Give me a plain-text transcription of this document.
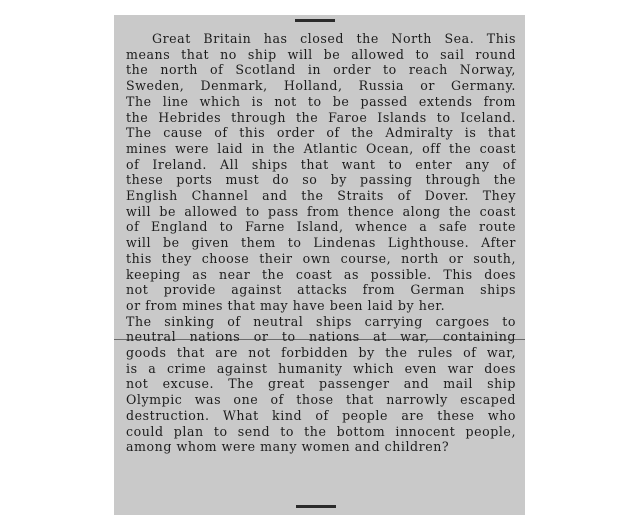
Great Britain has closed the North Sea. This
means that no ship will be allowed to sail round
the north of Scotland in order to reach Norway,
Sweden, Denmark, Holland, Russia or Germany.
The line which is not to be passed extends from
the Hebrides through the Faroe Islands to Iceland.
The cause of this order of the Admiralty is that
mines were laid in the Atlantic Ocean, off the coast
of Ireland. All ships that want to enter any of
these ports must do so by passing through the
English Channel and the Straits of Dover. They
will be allowed to pass from thence along the coast
of England to Farne Island, whence a safe route
will be given them to Lindenas Lighthouse. After
this they choose their own course, north or south,
keeping as near the coast as possible. This does
not provide against attacks from German ships
or from mines that may have been laid by her.
The sinking of neutral ships carrying cargoes to
neutral nations or to nations at war, containing
goods that are not forbidden by the rules of war,
is a crime against humanity which even war does
not excuse. The great passenger and mail ship
Olympic was one of those that narrowly escaped
destruction. What kind of people are these who
could plan to send to the bottom innocent people,
among whom were many women and children?
